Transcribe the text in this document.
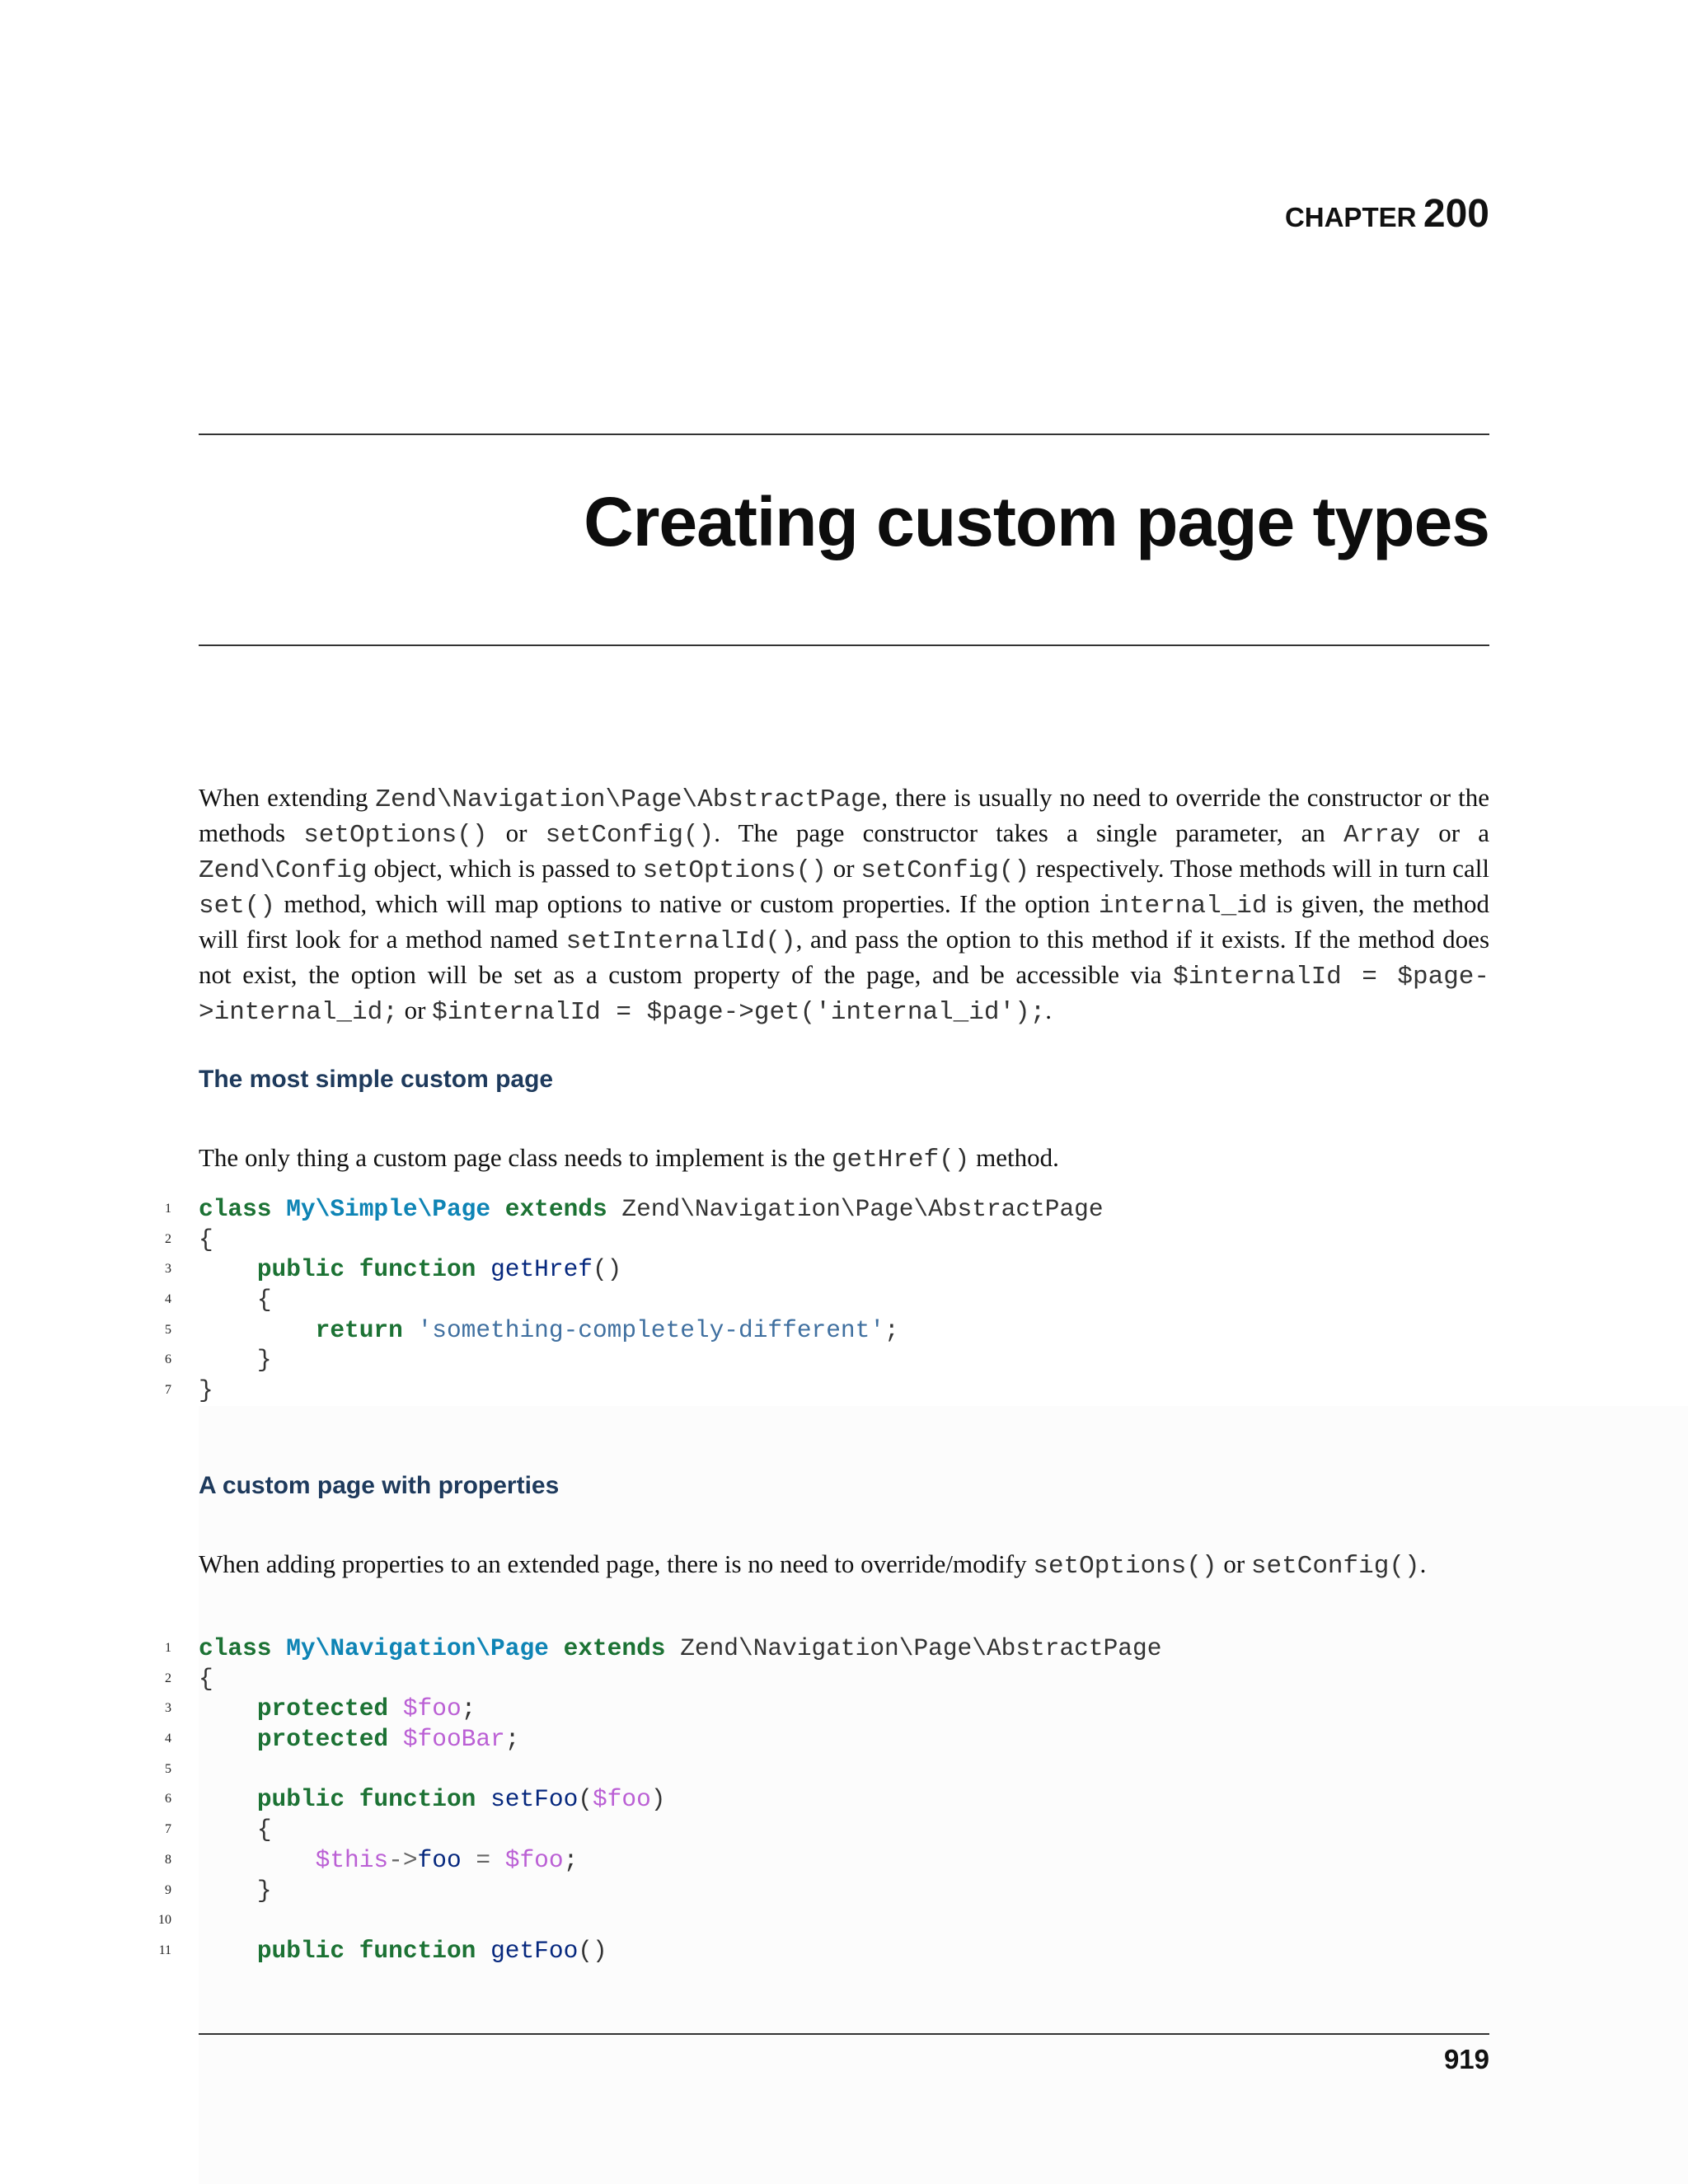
CHAPTER 200
Creating custom page types

When extending Zend\Navigation\Page\AbstractPage, there is usually no need to override the constructor or the methods setOptions() or setConfig(). The page constructor takes a single parameter, an Array or a Zend\Config object, which is passed to setOptions() or setConfig() respectively. Those methods will in turn call set() method, which will map options to native or custom properties. If the option internal_id is given, the method will first look for a method named setInternalId(), and pass the option to this method if it exists. If the method does not exist, the option will be set as a custom property of the page, and be accessible via $internalId = $page->internal_id; or $internalId = $page->get('internal_id');.

The most simple custom page

The only thing a custom page class needs to implement is the getHref() method.

1 class My\Simple\Page extends Zend\Navigation\Page\AbstractPage
2 {
3	public function getHref()
4	{
5	return 'something-completely-different';
6	}
7 }
A custom page with properties

When adding properties to an extended page, there is no need to override/modify setOptions() or setConfig().

1 class My\Navigation\Page extends Zend\Navigation\Page\AbstractPage
2 {
3	protected $foo;
4	protected $fooBar;
5
6	public function setFoo($foo)
7	{
8	$this->foo = $foo;
9	}
10
11	public function getFoo()
919
